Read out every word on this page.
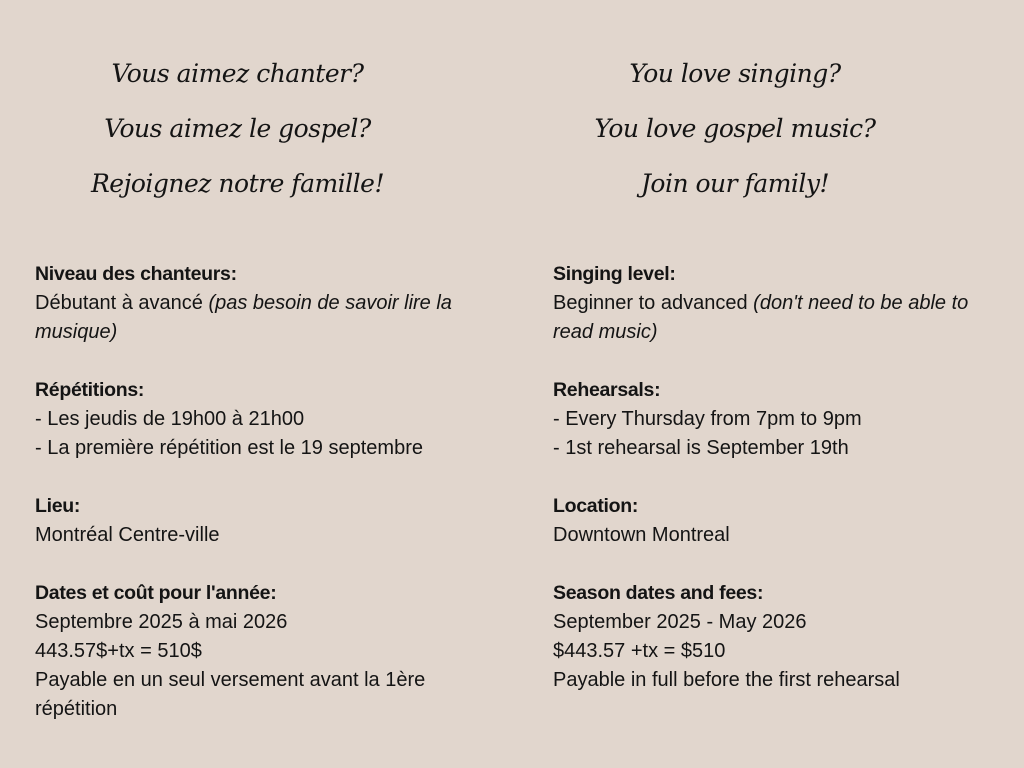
Vous aimez chanter?
Vous aimez le gospel?
Rejoignez notre famille!
You love singing?
You love gospel music?
Join our family!
Niveau des chanteurs:
Débutant à avancé (pas besoin de savoir lire la musique)
Répétitions:
- Les jeudis de 19h00 à 21h00
- La première répétition est le 19 septembre
Lieu:
Montréal Centre-ville
Dates et coût pour l'année:
Septembre 2025 à mai 2026
443.57$+tx = 510$
Payable en un seul versement avant la 1ère répétition
Singing level:
Beginner to advanced (don't need to be able to read music)
Rehearsals:
- Every Thursday from 7pm to 9pm
- 1st rehearsal is September 19th
Location:
Downtown Montreal
Season dates and fees:
September 2025 - May 2026
$443.57 +tx = $510
Payable in full before the first rehearsal
